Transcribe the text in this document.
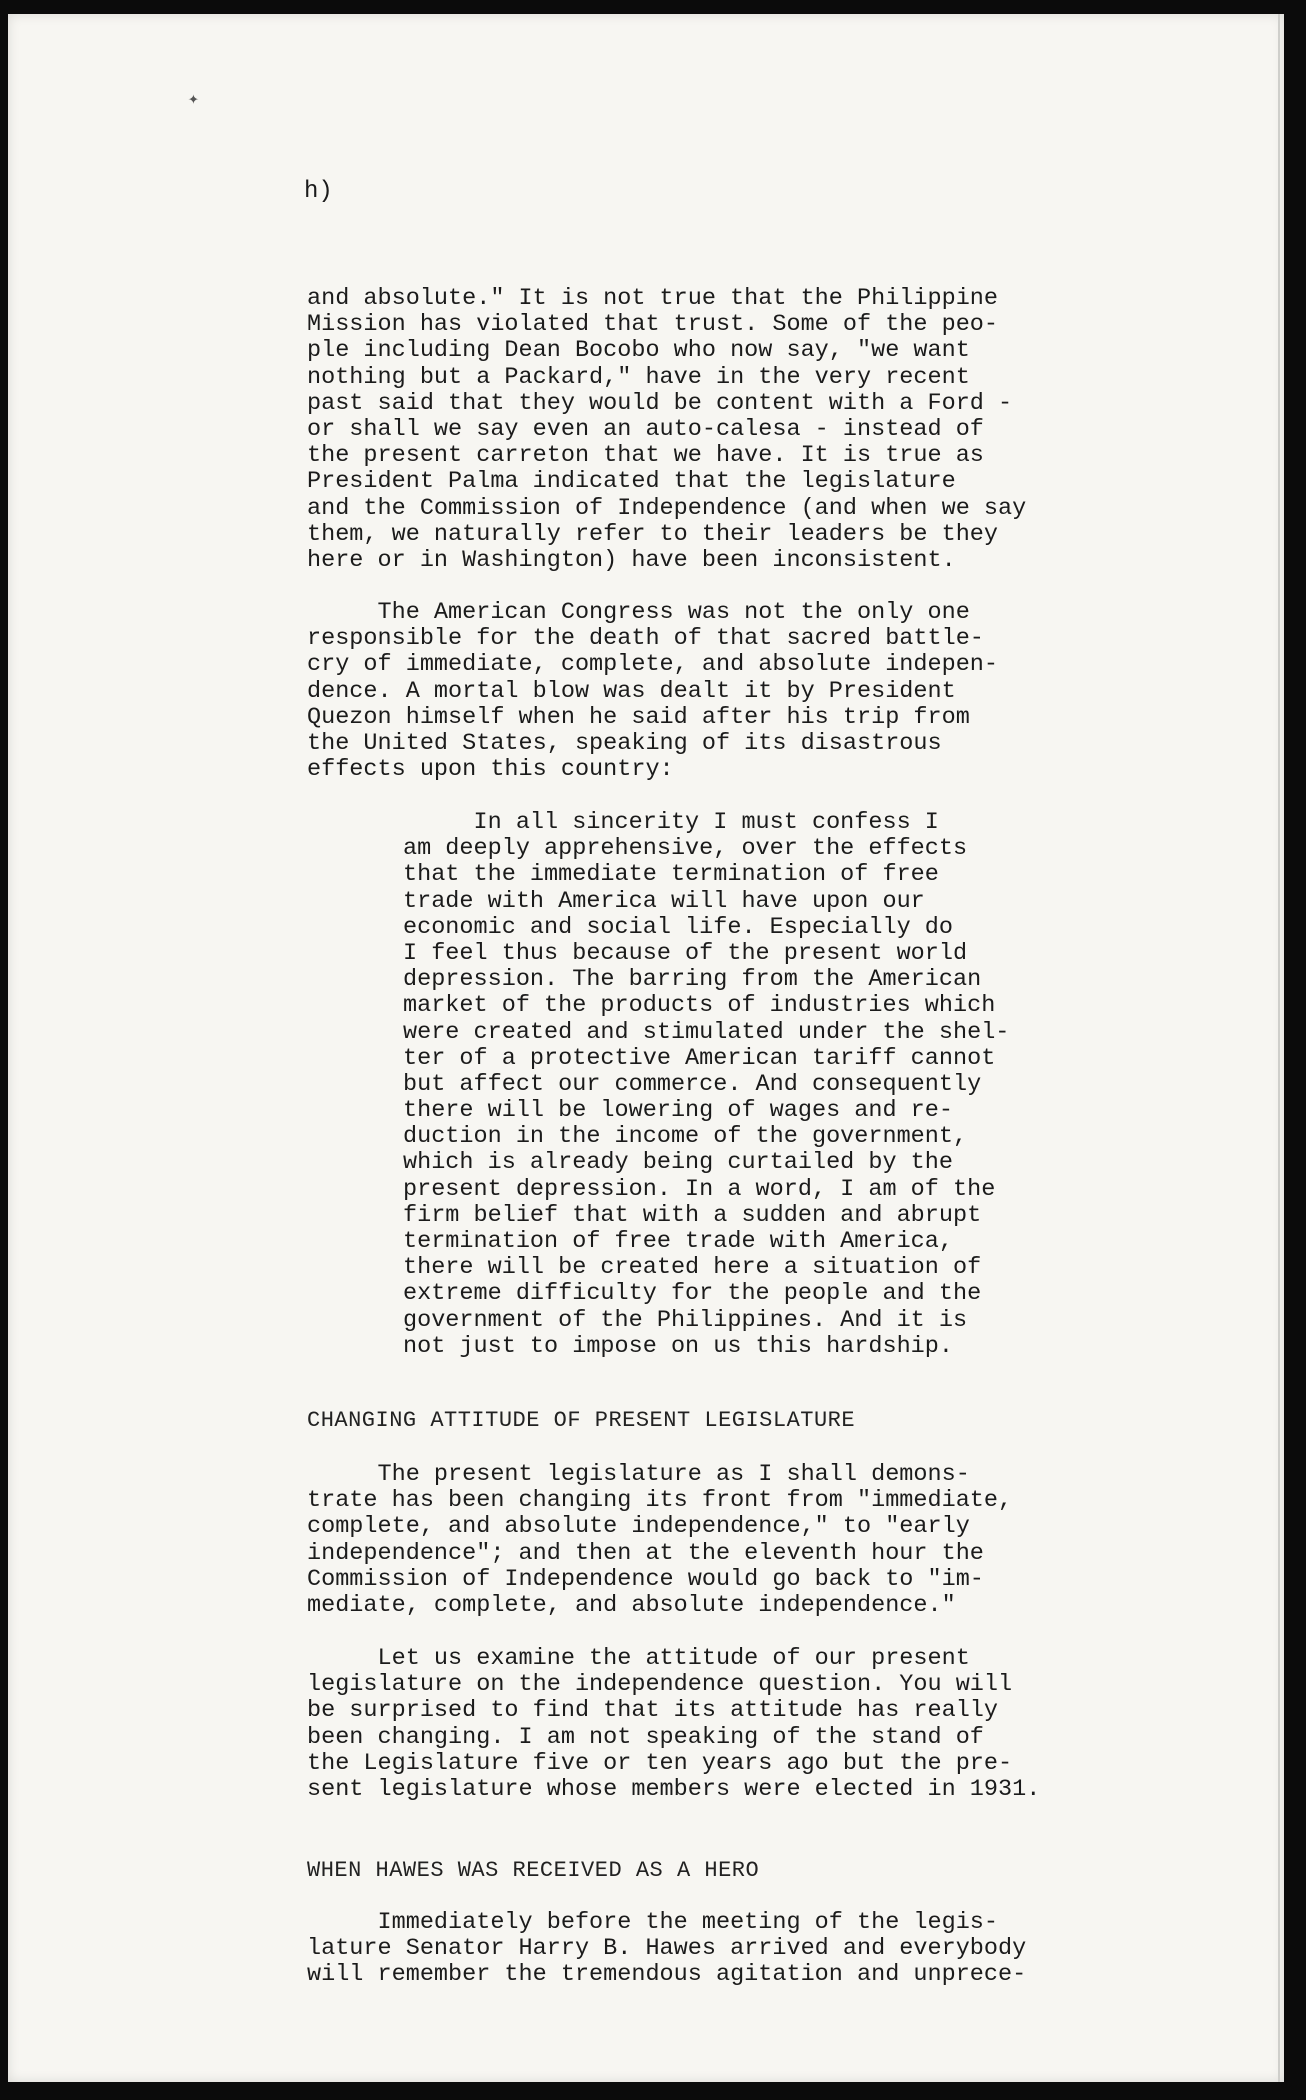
✦
h)
and absolute." It is not true that the Philippine
Mission has violated that trust. Some of the peo-
ple including Dean Bocobo who now say, "we want
nothing but a Packard," have in the very recent
past said that they would be content with a Ford -
or shall we say even an auto-calesa - instead of
the present carreton that we have. It is true as
President Palma indicated that the legislature
and the Commission of Independence (and when we say
them, we naturally refer to their leaders be they
here or in Washington) have been inconsistent.
The American Congress was not the only one
responsible for the death of that sacred battle-
cry of immediate, complete, and absolute indepen-
dence. A mortal blow was dealt it by President
Quezon himself when he said after his trip from
the United States, speaking of its disastrous
effects upon this country:
In all sincerity I must confess I
am deeply apprehensive, over the effects
that the immediate termination of free
trade with America will have upon our
economic and social life. Especially do
I feel thus because of the present world
depression. The barring from the American
market of the products of industries which
were created and stimulated under the shel-
ter of a protective American tariff cannot
but affect our commerce. And consequently
there will be lowering of wages and re-
duction in the income of the government,
which is already being curtailed by the
present depression. In a word, I am of the
firm belief that with a sudden and abrupt
termination of free trade with America,
there will be created here a situation of
extreme difficulty for the people and the
government of the Philippines. And it is
not just to impose on us this hardship.
CHANGING ATTITUDE OF PRESENT LEGISLATURE
The present legislature as I shall demons-
trate has been changing its front from "immediate,
complete, and absolute independence," to "early
independence"; and then at the eleventh hour the
Commission of Independence would go back to "im-
mediate, complete, and absolute independence."
Let us examine the attitude of our present
legislature on the independence question. You will
be surprised to find that its attitude has really
been changing. I am not speaking of the stand of
the Legislature five or ten years ago but the pre-
sent legislature whose members were elected in 1931.
WHEN HAWES WAS RECEIVED AS A HERO
Immediately before the meeting of the legis-
lature Senator Harry B. Hawes arrived and everybody
will remember the tremendous agitation and unprece-
